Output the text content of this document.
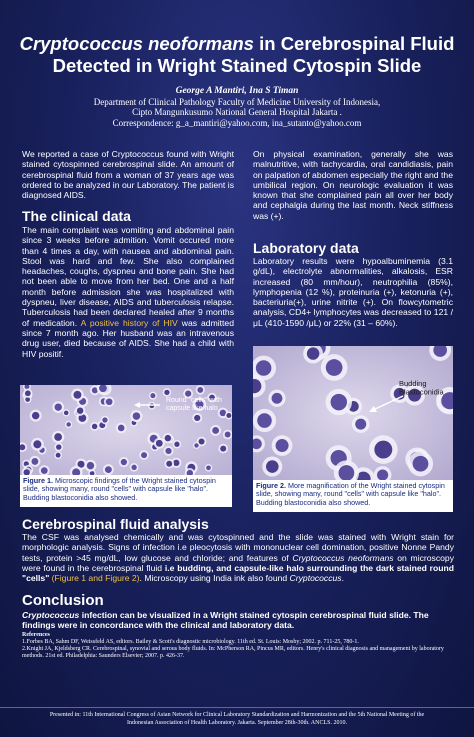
Cryptococcus neoformans in Cerebrospinal Fluid
Detected in Wright Stained Cytospin Slide
George A Mantiri, Ina S Timan
Department of Clinical Pathology Faculty of Medicine University of Indonesia,
Cipto Mangunkusumo National General Hospital Jakarta .
Correspondence: g_a_mantiri@yahoo.com, ina_sutanto@yahoo.com

We reported a case of Cryptococcus found with Wright stained cytospinned cerebrospinal slide. An amount of cerebrospinal fluid from a woman of 37 years age was ordered to be analyzed in our Laboratory. The patient is diagnosed AIDS.

The clinical data

The main complaint was vomiting and abdominal pain since 3 weeks before admition. Vomit occured more than 4 times a day, with nausea and abdominal pain. Stool was hard and few. She also complained headaches, coughs, dyspneu and bone pain. She had not been able to move from her bed. One and a half month before admission she was hospitalized with dyspneu, liver disease, AIDS and tuberculosis relapse. Tuberculosis had been declared healed after 9 months of medication. A positive history of HIV was admitted since 7 month ago. Her husband was an intravenous drug user, died because of AIDS. She had a child with HIV positif.

On physical examination, generally she was malnutritive, with tachycardia, oral candidiasis, pain on palpation of abdomen especially the right and the umbilical region. On neurologic evaluation it was known that she complained pain all over her body and cephalgia during the last month. Neck stiffness was (+).

Laboratory data

Laboratory results were hypoalbuminemia (3.1 g/dL), electrolyte abnormalities, alkalosis, ESR increased (80 mm/hour), neutrophilia (85%), lymphopenia (12 %), proteinuria (+), ketonuria (+), bacteriuria(+), urine nitrite (+). On flowcytometric analysis, CD4+ lymphocytes was decreased to 121 /μL (410-1590 /μL) or 22% (31 – 60%).

Round "cells" with capsule like halo
Figure 1. Microscopic findings of the Wright stained cytospin slide, showing many, round "cells" with capsule like "halo". Budding blastoconidia also showed.
Budding Blastoconidia
Figure 2. More magnification of the Wright stained cytospin slide, showing many, round "cells" with capsule like "halo". Budding blastoconidia also showed.
Cerebrospinal fluid analysis

The CSF was analysed chemically and was cytospinned and the slide was stained with Wright stain for morphologic analysis. Signs of infection i.e pleocytosis with mononuclear cell domination, positive Nonne Pandy tests, protein >45 mg/dL, low glucose and chloride; and features of Cryptococcus neoformans on microscopy were found in the cerebrospinal fluid i.e budding, and capsule-like halo surrounding the dark stained round "cells" (Figure 1 and Figure 2). Microscopy using India ink also found Cryptococcus.

Conclusion

Cryptococcus infection can be visualized in a Wright stained cytospin cerebrospinal fluid slide. The findings were in concordance with the clinical and laboratory data.

References
1.Forbes BA, Sahm DF, Weissfeld AS, editors. Bailey & Scott's diagnostic microbiology. 11th ed. St. Louis: Mosby; 2002. p. 711-25, 780-1.
2.Knight JA, Kjeldsberg CR. Cerebrospinal, synovial and serous body fluids. In: McPherson RA, Pincus MR, editors. Henry's clinical diagnosis and management by laboratory methods. 21st ed. Philadelphia: Saunders Elsevier; 2007. p. 426-37.
Presented in: 11th International Congress of Asian Network for Clinical Laboratory Standardization and Harmonization and the 5th National Meeting of the
Indonesian Association of Health Laboratory. Jakarta. September 28th-30th. ANCLS. 2010.
